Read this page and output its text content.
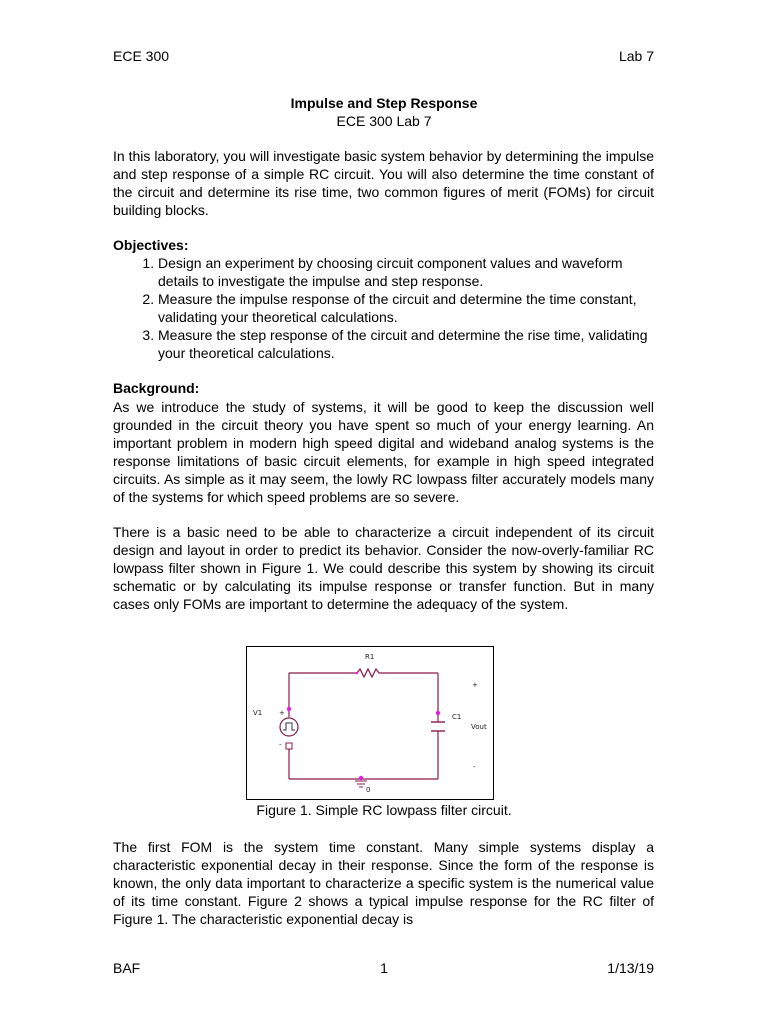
ECE 300	Lab 7
Impulse and Step Response
ECE 300 Lab 7
In this laboratory, you will investigate basic system behavior by determining the impulse and step response of a simple RC circuit. You will also determine the time constant of the circuit and determine its rise time, two common figures of merit (FOMs) for circuit building blocks.
Objectives:
1. Design an experiment by choosing circuit component values and waveform details to investigate the impulse and step response.
2. Measure the impulse response of the circuit and determine the time constant, validating your theoretical calculations.
3. Measure the step response of the circuit and determine the rise time, validating your theoretical calculations.
Background:
As we introduce the study of systems, it will be good to keep the discussion well grounded in the circuit theory you have spent so much of your energy learning. An important problem in modern high speed digital and wideband analog systems is the response limitations of basic circuit elements, for example in high speed integrated circuits. As simple as it may seem, the lowly RC lowpass filter accurately models many of the systems for which speed problems are so severe.
There is a basic need to be able to characterize a circuit independent of its circuit design and layout in order to predict its behavior. Consider the now-overly-familiar RC lowpass filter shown in Figure 1. We could describe this system by showing its circuit schematic or by calculating its impulse response or transfer function. But in many cases only FOMs are important to determine the adequacy of the system.
R1
V1	C1
Vout
+
-
+
-
0
Figure 1. Simple RC lowpass filter circuit.
The first FOM is the system time constant. Many simple systems display a characteristic exponential decay in their response. Since the form of the response is known, the only data important to characterize a specific system is the numerical value of its time constant. Figure 2 shows a typical impulse response for the RC filter of Figure 1. The characteristic exponential decay is
BAF	1	1/13/19
